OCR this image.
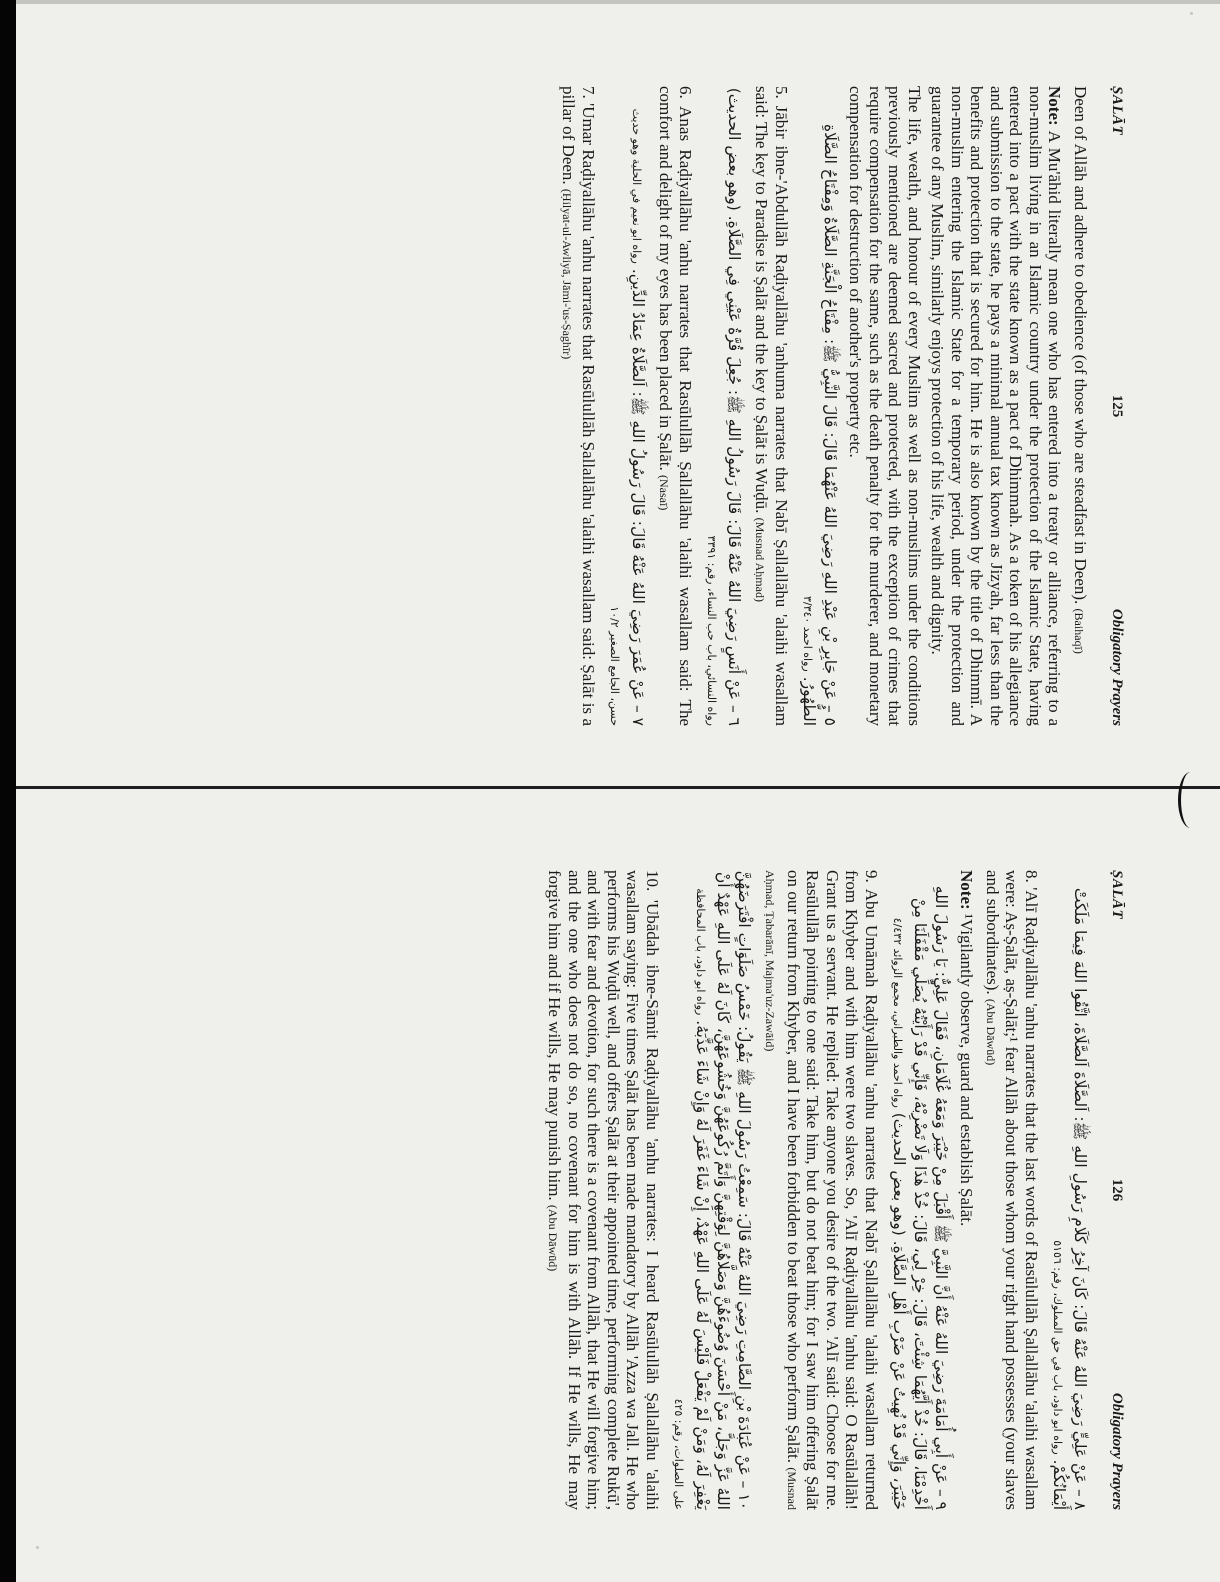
ṢALĀT
125
Obligatory Prayers

Deen of Allāh and adhere to obedience (of those who are steadfast in Deen). (Baihaqī)

Note: A Mu'āhid literally mean one who has entered into a treaty or alliance, referring to a non-muslim living in an Islamic country under the protection of the Islamic State, having entered into a pact with the state known as a pact of Dhimmah. As a token of his allegiance and submission to the state, he pays a minimal annual tax known as Jizyah, far less than the benefits and protection that is secured for him. He is also known by the title of Dhimmī. A non-muslim entering the Islamic State for a temporary period, under the protection and guarantee of any Muslim, similarly enjoys protection of his life, wealth and dignity.

The life, wealth, and honour of every Muslim as well as non-muslims under the conditions previously mentioned are deemed sacred and protected, with the exception of crimes that require compensation for the same, such as the death penalty for the murderer, and monetary compensation for destruction of another's property etc.

٥ – عَنْ جَابِرِ بْنِ عَبْدِ اللهِ رَضِيَ اللهُ عَنْهُمَا قَالَ: قَالَ النَّبِيُّ ﷺ: مِفْتَاحُ الْجَنَّةِ الصَّلَاةُ وَمِفْتَاحُ الصَّلَاةِ الطُّهُورُ. رواه احمد ٣/٣٤٠

5. Jābir ibne-'Abdullāh Raḍiyallāhu 'anhuma narrates that Nabī Ṣallallāhu 'alaihi wasallam said: The key to Paradise is Ṣalāt and the key to Ṣalāt is Wuḍū. (Musnad Aḥmad)

٦ – عَنْ أَنَسٍ رَضِيَ اللهُ عَنْهُ قَالَ: قَالَ رَسُولُ اللهِ ﷺ: جُعِلَ قُرَّةُ عَيْنِي فِي الصَّلَاةِ. (وهو بعض الحديث) رواه النسائي، باب حب النساء، رقم: ٣٣٩١

6. Anas Raḍiyallāhu 'anhu narrates that Rasūlullāh Ṣallallāhu 'alaihi wasallam said: The comfort and delight of my eyes has been placed in Ṣalāt. (Nasaī)

٧ – عَنْ عُمَرَ رَضِيَ اللهُ عَنْهُ قَالَ: قَالَ رَسُولُ اللهِ ﷺ: اَلصَّلَاةُ عِمَادُ الدِّينِ. رواه ابو نعيم في الحلية وهو حديث حسن، الجامع الصغير ١٠/٢

7. 'Umar Raḍiyallāhu 'anhu narrates that Rasūlullāh Ṣallallāhu 'alaihi wasallam said: Ṣalāt is a pillar of Deen. (Ḥilyat-ul-Awliyā, Jāmi-'us-Ṣaghīr)

ṢALĀT
126
Obligatory Prayers
٨ – عَنْ عَلِيٍّ رَضِيَ اللهُ عَنْهُ قَالَ: كَانَ آخِرُ كَلَامِ رَسُولِ اللهِ ﷺ: اَلصَّلَاةَ اَلصَّلَاةَ، اتَّقُوا اللهَ فِيمَا مَلَكَتْ أَيْمَانُكُمْ. رواه ابو داود، باب في حق المملوك، رقم: ٥١٥٦

8. 'Alī Raḍiyallāhu 'anhu narrates that the last words of Rasūlullāh Ṣallallāhu 'alaihi wasallam were: Aṣ-Ṣalāt, aṣ-Ṣalāt;¹ fear Allāh about those whom your right hand possesses (your slaves and subordinates). (Abu Dāwūd)

Note: ¹Vigilantly observe, guard and establish Ṣalāt.

٩ – عَنْ أَبِي أُمَامَةَ رَضِيَ اللهُ عَنْهُ أَنَّ النَّبِيَّ ﷺ أَقْبَلَ مِنْ خَيْبَرَ وَمَعَهُ غُلَامَانِ، فَقَالَ عَلِيٌّ: يَا رَسُولَ اللهِ أَخْدِمْنَا، قَالَ: خُذْ أَيَّهُمَا شِئْتَ، قَالَ: خِرْ لِي، قَالَ: خُذْ هٰذَا وَلَا تَضْرِبْهُ، فَإِنِّي قَدْ رَأَيْتُهُ يُصَلِّي مَقْفَلَنَا مِنْ خَيْبَرَ، وَإِنِّي قَدْ نُهِيتُ عَنْ ضَرْبِ أَهْلِ الصَّلَاةِ. (وهو بعض الحديث) رواه احمد والطبراني، مجمع الزوائد ٤/٤٣٢

9. Abu Umāmah Raḍiyallāhu 'anhu narrates that Nabī Ṣallallāhu 'alaihi wasallam returned from Khyber and with him were two slaves. So, 'Alī Raḍiyallāhu 'anhu said: O Rasūlallāh! Grant us a servant. He replied: Take anyone you desire of the two. 'Alī said: Choose for me. Rasūlullāh pointing to one said: Take him, but do not beat him; for I saw him offering Ṣalāt on our return from Khyber, and I have been forbidden to beat those who perform Ṣalāt. (Musnad Aḥmad, Ṭabarānī, Majma'uz-Zawāid)

١٠ – عَنْ عُبَادَةَ بْنِ الصَّامِتِ رَضِيَ اللهُ عَنْهُ قَالَ: سَمِعْتُ رَسُولَ اللهِ ﷺ يَقُولُ: خَمْسُ صَلَوَاتٍ افْتَرَضَهُنَّ اللهُ عَزَّ وَجَلَّ، مَنْ أَحْسَنَ وُضُوءَهُنَّ وَصَلَّاهُنَّ لِوَقْتِهِنَّ وَأَتَمَّ رُكُوعَهُنَّ وَخُشُوعَهُنَّ، كَانَ لَهُ عَلَى اللهِ عَهْدٌ أَنْ يَغْفِرَ لَهُ، وَمَنْ لَمْ يَفْعَلْ فَلَيْسَ لَهُ عَلَى اللهِ عَهْدٌ، إِنْ شَاءَ غَفَرَ لَهُ وَإِنْ شَاءَ عَذَّبَهُ. رواه ابو داود، باب المحافظة على الصلوات، رقم: ٤٢٥

10. 'Ubādah ibne-Sāmit Raḍiyallāhu 'anhu narrates: I heard Rasūlullāh Ṣallallāhu 'alaihi wasallam saying: Five times Ṣalāt has been made mandatory by Allāh 'Azza wa Jall. He who performs his Wuḍū well, and offers Ṣalāt at their appointed time, performing complete Rukū', and with fear and devotion, for such there is a covenant from Allāh, that He will forgive him; and the one who does not do so, no covenant for him is with Allāh. If He wills, He may forgive him and if He wills, He may punish him. (Abu Dāwūd)
